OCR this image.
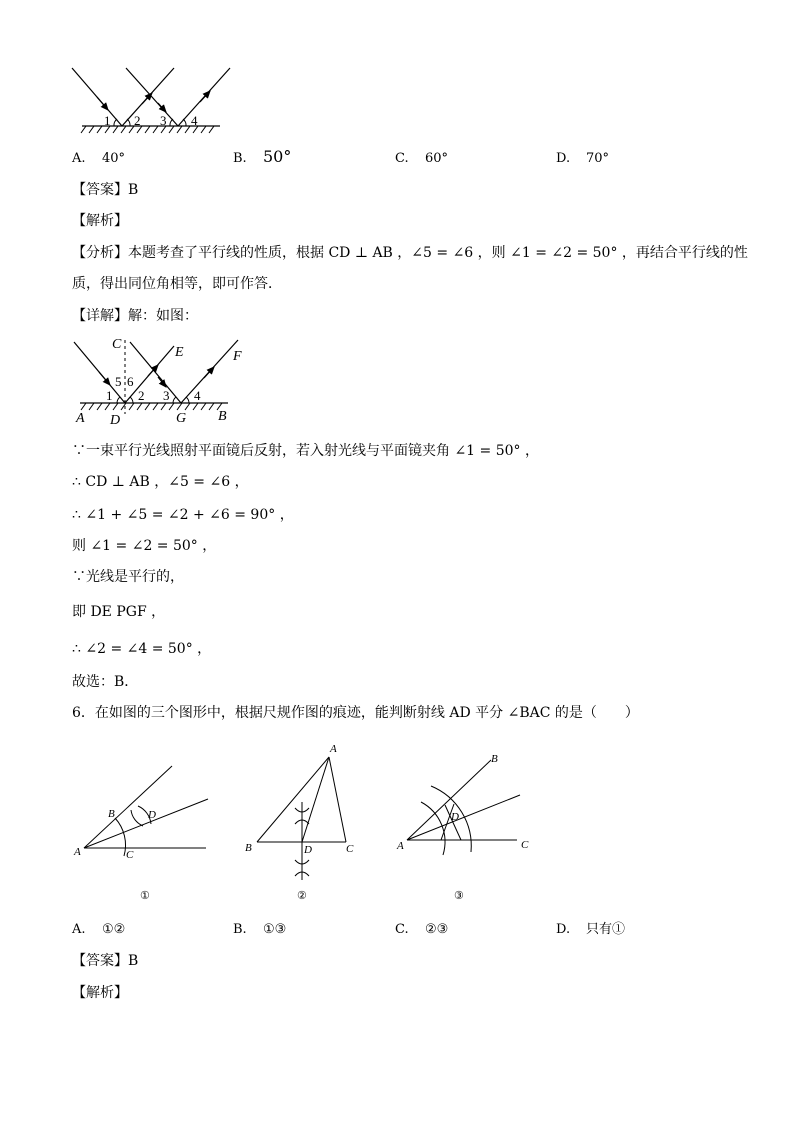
1 2 3 4
A. 40°	B. 50°	C. 60°	D. 70°
【答案】B
【解析】
【分析】本题考查了平行线的性质，根据 CD ⊥ AB ，∠5 = ∠6 ，则 ∠1 = ∠2 = 50° ，再结合平行线的性
质，得出同位角相等，即可作答．
【详解】解：如图：
C
E	F
5 6
1 2 3 4
A D	G B
∵一束平行光线照射平面镜后反射，若入射光线与平面镜夹角 ∠1 = 50° ，
∴ CD ⊥ AB ，∠5 = ∠6 ，
∴ ∠1 + ∠5 = ∠2 + ∠6 = 90° ，
则 ∠1 = ∠2 = 50° ，
∵光线是平行的，
即 DE PGF ，
∴ ∠2 = ∠4 = 50° ，
故选：B．
6．在如图的三个图形中，根据尺规作图的痕迹，能判断射线 AD 平分 ∠BAC 的是（　　）
B	D
A	C
①
A
B	D	C
②
B
D
A	C
③
A. ①②	B. ①③	C. ②③	D. 只有①
【答案】B
【解析】
